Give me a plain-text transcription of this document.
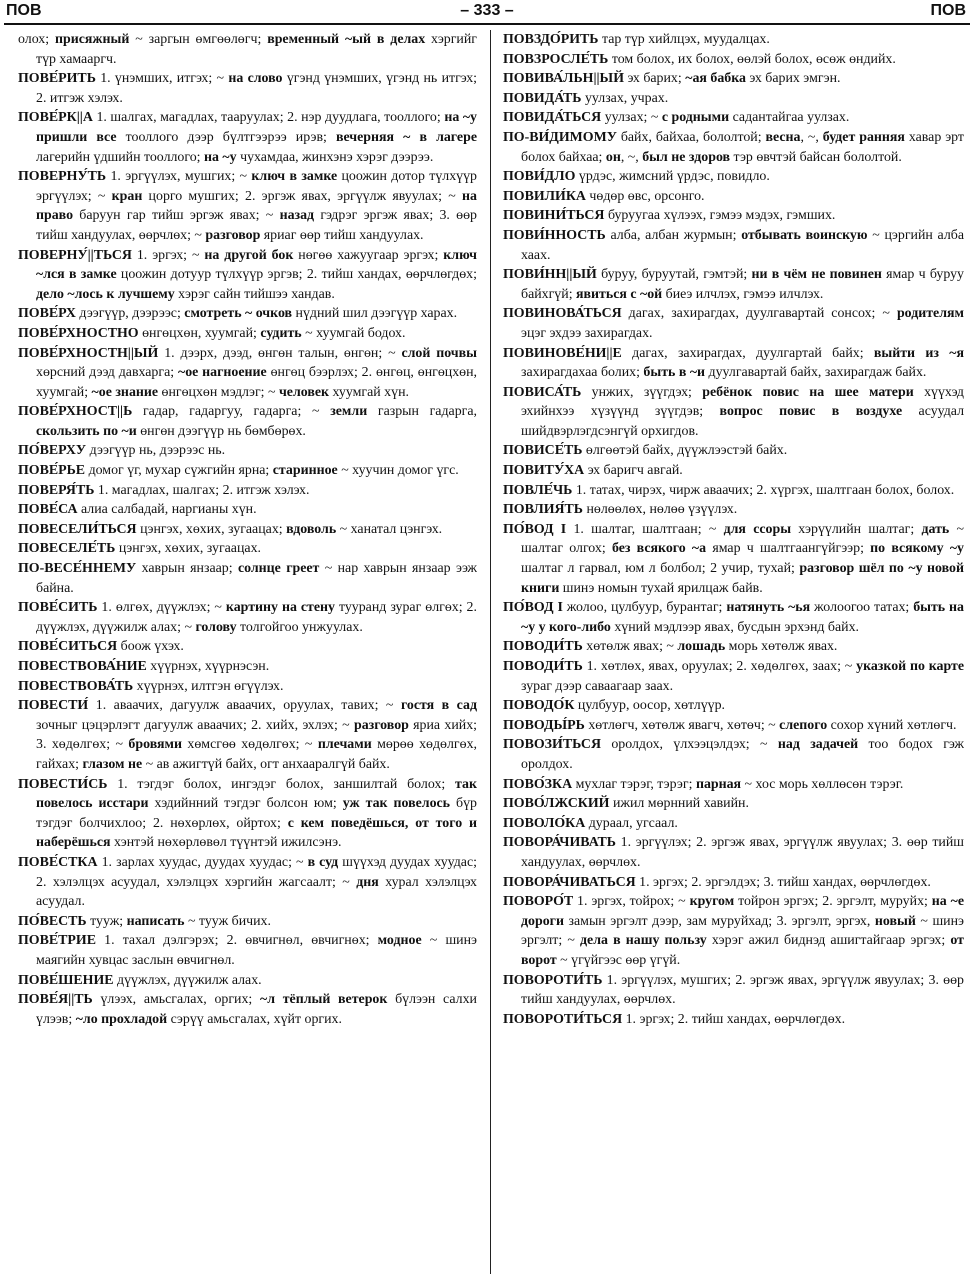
ПОВ	– 333 –	ПОВ

олох; присяжный ~ заргын өмгөөлөгч; временный ~ый в делах хэргийг түр хамааргч.

ПОВЕ́РИТЬ 1. үнэмших, итгэх; ~ на слово үгэнд үнэмших, үгэнд нь итгэх; 2. итгэж хэлэх.

ПОВЕ́РК||А 1. шалгах, магадлах, тааруулах; 2. нэр дуудлага, тооллого; на ~у пришли все тооллого дээр бүлтгээрээ ирэв; вечерняя ~ в лагере лагерийн үдшийн тооллого; на ~у чухамдаа, жинхэнэ хэрэг дээрээ.

ПОВЕРНУ́ТЬ 1. эргүүлэх, мушгих; ~ ключ в замке цоожин дотор түлхүүр эргүүлэх; ~ кран цорго мушгих; 2. эргэж явах, эргүүлж явуулах; ~ на право баруун гар тийш эргэж явах; ~ назад гэдрэг эргэж явах; 3. өөр тийш хандуулах, өөрчлөх; ~ разговор яриаг өөр тийш хандуулах.

ПОВЕРНУ́||ТЬСЯ 1. эргэх; ~ на другой бок нөгөө хажуугаар эргэх; ключ ~лся в замке цоожин дотуур түлхүүр эргэв; 2. тийш хандах, өөрчлөгдөх; дело ~лось к лучшему хэрэг сайн тийшээ хандав.

ПОВЕ́РХ дээгүүр, дээрээс; смотреть ~ очков нүдний шил дээгүүр харах.

ПОВЕ́РХНОСТНО өнгөцхөн, хуумгай; судить ~ хуумгай бодох.

ПОВЕ́РХНОСТН||ЫЙ 1. дээрх, дээд, өнгөн талын, өнгөн; ~ слой почвы хөрсний дээд давхарга; ~ое нагноение өнгөц бээрлэх; 2. өнгөц, өнгөцхөн, хуумгай; ~ое знание өнгөцхөн мэдлэг; ~ человек хуумгай хүн.

ПОВЕ́РХНОСТ||Ь гадар, гадаргуу, гадарга; ~ земли газрын гадарга, скользить по ~и өнгөн дээгүүр нь бөмбөрөх.

ПО́ВЕРХУ дээгүүр нь, дээрээс нь.

ПОВЕ́РЬЕ домог үг, мухар сүжгийн ярна; старинное ~ хуучин домог үгс.

ПОВЕРЯ́ТЬ 1. магадлах, шалгах; 2. итгэж хэлэх.

ПОВЕ́СА алиа салбадай, наргианы хүн.

ПОВЕСЕЛИ́ТЬСЯ цэнгэх, хөхих, зугаацах; вдоволь ~ ханатал цэнгэх.

ПОВЕСЕЛЕ́ТЬ цэнгэх, хөхих, зугаацах.

ПО-ВЕСЕ́ННЕМУ хаврын янзаар; солнце греет ~ нар хаврын янзаар ээж байна.

ПОВЕ́СИТЬ 1. өлгөх, дүүжлэх; ~ картину на стену тууранд зураг өлгөх; 2. дүүжлэх, дүүжилж алах; ~ голову толгойгоо унжуулах.

ПОВЕ́СИТЬСЯ боож үхэх.

ПОВЕСТВОВА́НИЕ хүүрнэх, хүүрнэсэн.

ПОВЕСТВОВА́ТЬ хүүрнэх, илтгэн өгүүлэх.

ПОВЕСТИ́ 1. аваачих, дагуулж аваачих, оруулах, тавих; ~ гостя в сад зочныг цэцэрлэгт дагуулж аваачих; 2. хийх, эхлэх; ~ разговор яриа хийх; 3. хөдөлгөх; ~ бровями хөмсгөө хөдөлгөх; ~ плечами мөрөө хөдөлгөх, гайхах; глазом не ~ ав ажигтүй байх, огт анхааралгүй байх.

ПОВЕСТИ́СЬ 1. тэгдэг болох, ингэдэг болох, заншилтай болох; так повелось исстари хэдийнний тэгдэг болсон юм; уж так повелось бүр тэгдэг болчихлоо; 2. нөхөрлөх, ойртох; с кем поведёшься, от того и наберёшься хэнтэй нөхөрлөвөл түүнтэй ижилсэнэ.

ПОВЕ́СТКА 1. зарлах хуудас, дуудах хуудас; ~ в суд шүүхэд дуудах хуудас; 2. хэлэлцэх асуудал, хэлэлцэх хэргийн жагсаалт; ~ дня хурал хэлэлцэх асуудал.

ПО́ВЕСТЬ тууж; написать ~ тууж бичих.

ПОВЕ́ТРИЕ 1. тахал дэлгэрэх; 2. өвчигнөл, өвчигнөх; модное ~ шинэ маягийн хувцас заслын өвчигнөл.

ПОВЕ́ШЕНИЕ дүүжлэх, дүүжилж алах.

ПОВЕ́Я||ТЬ үлээх, амьсгалах, оргих; ~л тёплый ветерок бүлээн салхи үлээв; ~ло прохладой сэрүү амьсгалах, хүйт оргих.

ПОВЗДО́РИТЬ тар түр хийлцэх, муудалцах.

ПОВЗРОСЛЕ́ТЬ том болох, их болох, өөлэй болох, өсөж өндийх.

ПОВИВА́ЛЬН||ЫЙ эх барих; ~ая бабка эх барих эмгэн.

ПОВИДА́ТЬ уулзах, учрах.

ПОВИДА́ТЬСЯ уулзах; ~ с родными садантайгаа уулзах.

ПО-ВИ́ДИМОМУ байх, байхаа, бололтой; весна, ~, будет ранняя хавар эрт болох байхаа; он, ~, был не здоров тэр өвчтэй байсан бололтой.

ПОВИ́ДЛО үрдэс, жимсний үрдэс, повидло.

ПОВИЛИ́КА чөдөр өвс, орсонго.

ПОВИНИ́ТЬСЯ буруугаа хүлээх, гэмээ мэдэх, гэмших.

ПОВИ́ННОСТЬ алба, албан журмын; отбывать воинскую ~ цэргийн алба хаах.

ПОВИ́НН||ЫЙ буруу, буруутай, гэмтэй; ни в чём не повинен ямар ч буруу байхгүй; явиться с ~ой биеэ илчлэх, гэмээ илчлэх.

ПОВИНОВА́ТЬСЯ дагах, захирагдах, дуулгавартай сонсох; ~ родителям эцэг эхдээ захирагдах.

ПОВИНОВЕ́НИ||Е дагах, захирагдах, дуулгартай байх; выйти из ~я захирагдахаа болих; быть в ~и дуулгавартай байх, захирагдаж байх.

ПОВИСА́ТЬ унжих, зүүгдэх; ребёнок повис на шее матери хүүхэд эхийнхээ хүзүүнд зүүгдэв; вопрос повис в воздухе асуудал шийдвэрлэгдсэнгүй орхигдов.

ПОВИСЕ́ТЬ өлгөөтэй байх, дүүжлээстэй байх.

ПОВИТУ́ХА эх баригч авгай.

ПОВЛЕ́ЧЬ 1. татах, чирэх, чирж аваачих; 2. хүргэх, шалтгаан болох, болох.

ПОВЛИЯ́ТЬ нөлөөлөх, нөлөө үзүүлэх.

ПО́ВОД I 1. шалтаг, шалтгаан; ~ для ссоры хэрүүлийн шалтаг; дать ~ шалтаг олгох; без всякого ~а ямар ч шалтгаангүйгээр; по всякому ~у шалтаг л гарвал, юм л болбол; 2 учир, тухай; разговор шёл по ~у новой книги шинэ номын тухай ярилцаж байв.

ПО́ВОД I жолоо, цулбуур, бурантаг; натянуть ~ья жолоогоо татах; быть на ~у у кого-либо хүний мэдлээр явах, бусдын эрхэнд байх.

ПОВОДИ́ТЬ хөтөлж явах; ~ лошадь морь хөтөлж явах.

ПОВОДИ́ТЬ 1. хөтлөх, явах, оруулах; 2. хөдөлгөх, заах; ~ указкой по карте зураг дээр саваагаар заах.

ПОВОДО́К цулбуур, оосор, хөтлүүр.

ПОВОДЫ́РЬ хөтлөгч, хөтөлж явагч, хөтөч; ~ слепого сохор хүний хөтлөгч.

ПОВОЗИ́ТЬСЯ оролдох, үлхээцэлдэх; ~ над задачей тоо бодох гэж оролдох.

ПОВО́ЗКА мухлаг тэрэг, тэрэг; парная ~ хос морь хөллөсөн тэрэг.

ПОВО́ЛЖСКИЙ ижил мөрнний хавийн.

ПОВОЛО́КА дураал, угсаал.

ПОВОРА́ЧИВАТЬ 1. эргүүлэх; 2. эргэж явах, эргүүлж явуулах; 3. өөр тийш хандуулах, өөрчлөх.

ПОВОРА́ЧИВАТЬСЯ 1. эргэх; 2. эргэлдэх; 3. тийш хандах, өөрчлөгдөх.

ПОВОРО́Т 1. эргэх, тойрох; ~ кругом тойрон эргэх; 2. эргэлт, муруйх; на ~е дороги замын эргэлт дээр, зам муруйхад; 3. эргэлт, эргэх, новый ~ шинэ эргэлт; ~ дела в нашу пользу хэрэг ажил биднэд ашигтайгаар эргэх; от ворот ~ үгүйгээс өөр үгүй.

ПОВОРОТИ́ТЬ 1. эргүүлэх, мушгих; 2. эргэж явах, эргүүлж явуулах; 3. өөр тийш хандуулах, өөрчлөх.

ПОВОРОТИ́ТЬСЯ 1. эргэх; 2. тийш хандах, өөрчлөгдөх.
